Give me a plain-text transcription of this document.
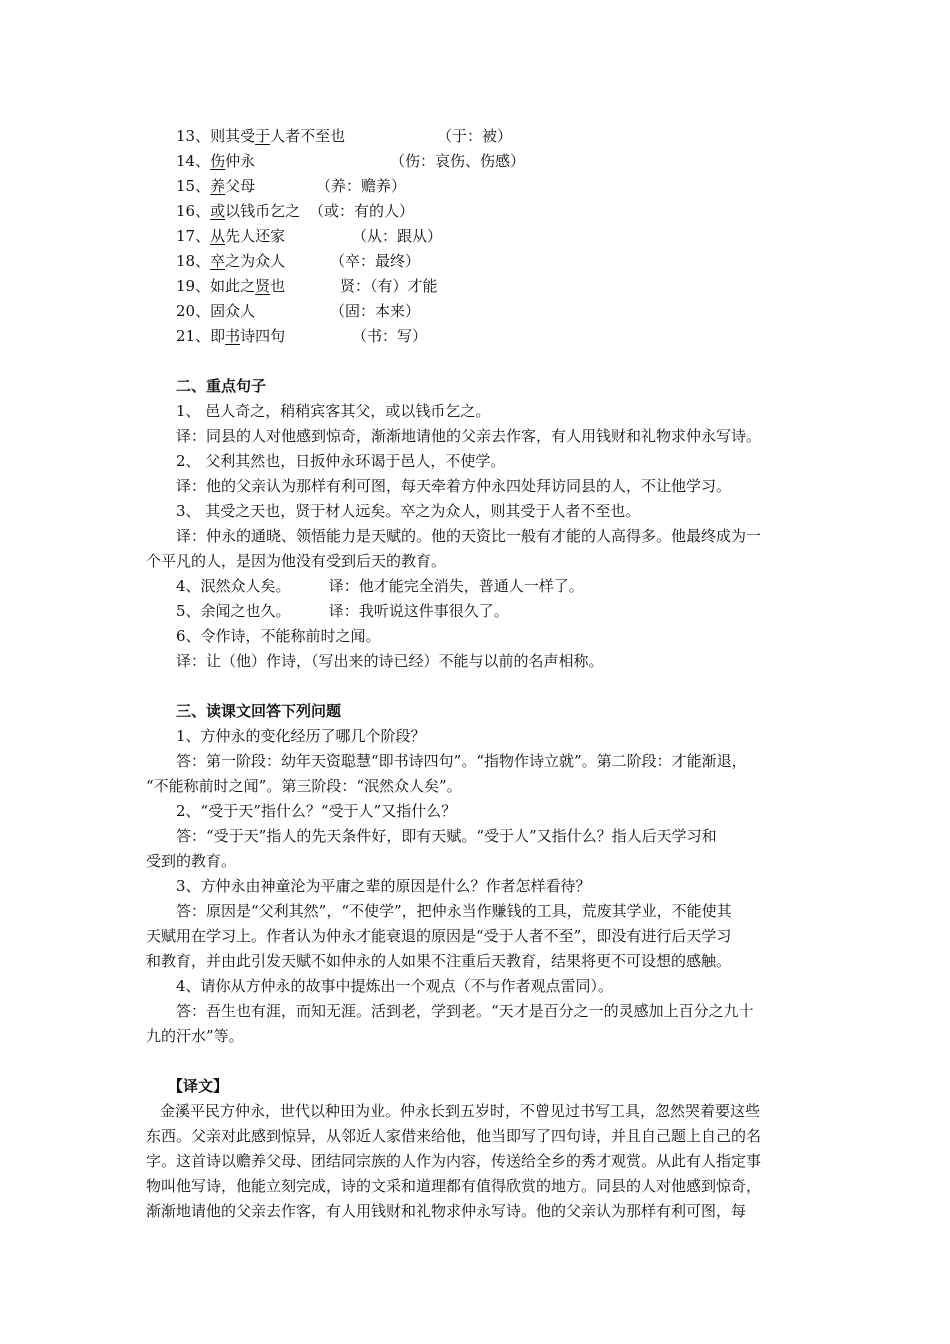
13、则其受于人者不至也	（于：被）
14、伤仲永	（伤：哀伤、伤感）
15、养父母	（养：赡养）
16、或以钱币乞之 （或：有的人）
17、从先人还家	（从：跟从）
18、卒之为众人	（卒：最终）
19、如此之贤也	贤：（有）才能
20、固众人	（固：本来）
21、即书诗四句	（书：写）
二、重点句子
1、 邑人奇之，稍稍宾客其父，或以钱币乞之。
译：同县的人对他感到惊奇，渐渐地请他的父亲去作客，有人用钱财和礼物求仲永写诗。
2、 父利其然也，日扳仲永环谒于邑人，不使学。
译：他的父亲认为那样有利可图，每天牵着方仲永四处拜访同县的人，不让他学习。
3、 其受之天也，贤于材人远矣。卒之为众人，则其受于人者不至也。
译：仲永的通晓、领悟能力是天赋的。他的天资比一般有才能的人高得多。他最终成为一
个平凡的人，是因为他没有受到后天的教育。
4、泯然众人矣。        译：他才能完全消失，普通人一样了。
5、余闻之也久。        译：我听说这件事很久了。
6、令作诗，不能称前时之闻。
译：让（他）作诗，（写出来的诗已经）不能与以前的名声相称。
三、读课文回答下列问题
1、方仲永的变化经历了哪几个阶段？
答：第一阶段：幼年天资聪慧“即书诗四句”。“指物作诗立就”。第二阶段：才能渐退，
“不能称前时之闻”。第三阶段：“泯然众人矣”。
2、“受于天”指什么？“受于人”又指什么？
答：“受于天”指人的先天条件好，即有天赋。“受于人”又指什么？指人后天学习和
受到的教育。
3、方仲永由神童沦为平庸之辈的原因是什么？作者怎样看待？
答：原因是“父利其然”，“不使学”，把仲永当作赚钱的工具，荒废其学业，不能使其
天赋用在学习上。作者认为仲永才能衰退的原因是“受于人者不至”，即没有进行后天学习
和教育，并由此引发天赋不如仲永的人如果不注重后天教育，结果将更不可设想的感触。
4、请你从方仲永的故事中提炼出一个观点（不与作者观点雷同）。
答：吾生也有涯，而知无涯。活到老，学到老。“天才是百分之一的灵感加上百分之九十
九的汗水”等。
【译文】
金溪平民方仲永，世代以种田为业。仲永长到五岁时，不曾见过书写工具，忽然哭着要这些
东西。父亲对此感到惊异，从邻近人家借来给他，他当即写了四句诗，并且自己题上自己的名
字。这首诗以赡养父母、团结同宗族的人作为内容，传送给全乡的秀才观赏。从此有人指定事
物叫他写诗，他能立刻完成，诗的文采和道理都有值得欣赏的地方。同县的人对他感到惊奇，
渐渐地请他的父亲去作客，有人用钱财和礼物求仲永写诗。他的父亲认为那样有利可图，每
